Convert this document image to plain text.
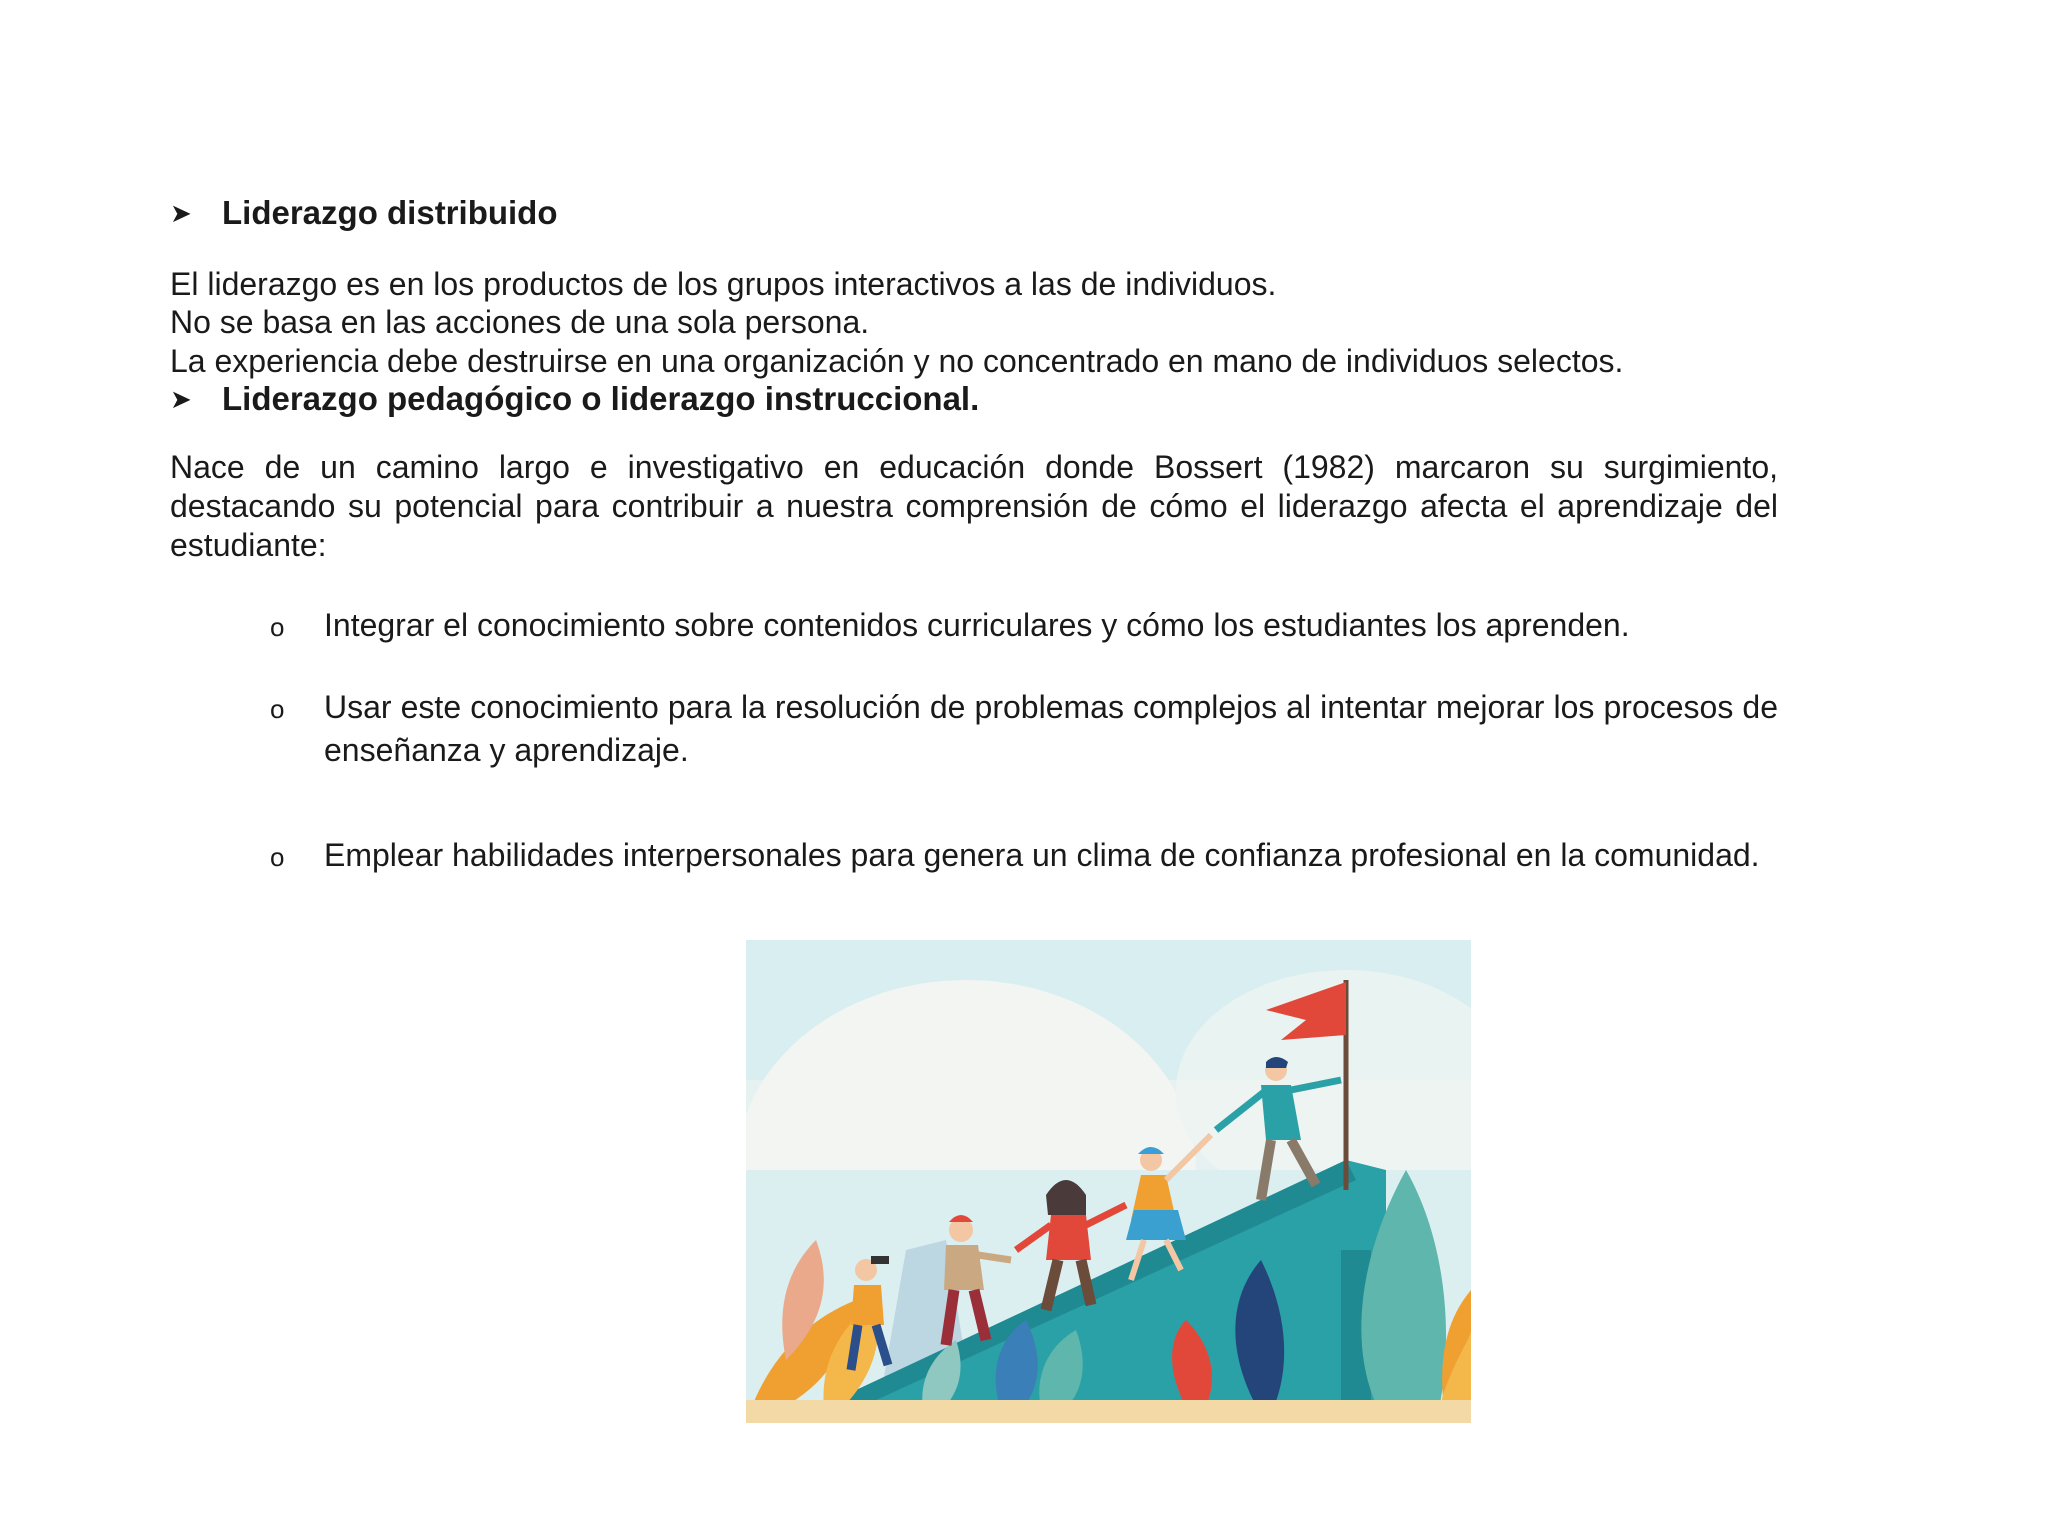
➤ Liderazgo distribuido
El liderazgo es en los productos de los grupos interactivos a las de individuos.
No se basa en las acciones de una sola persona.
La experiencia debe destruirse en una organización y no concentrado en mano de individuos selectos.
➤ Liderazgo pedagógico o liderazgo instruccional.
Nace de un camino largo e investigativo en educación donde Bossert (1982) marcaron su surgimiento, destacando su potencial para contribuir a nuestra comprensión de cómo el liderazgo afecta el aprendizaje del estudiante:
o	Integrar el conocimiento sobre contenidos curriculares y cómo los estudiantes los aprenden.
o	Usar este conocimiento para la resolución de problemas complejos al intentar mejorar los procesos de enseñanza y aprendizaje.
o	Emplear habilidades interpersonales para genera un clima de confianza profesional en la comunidad.
